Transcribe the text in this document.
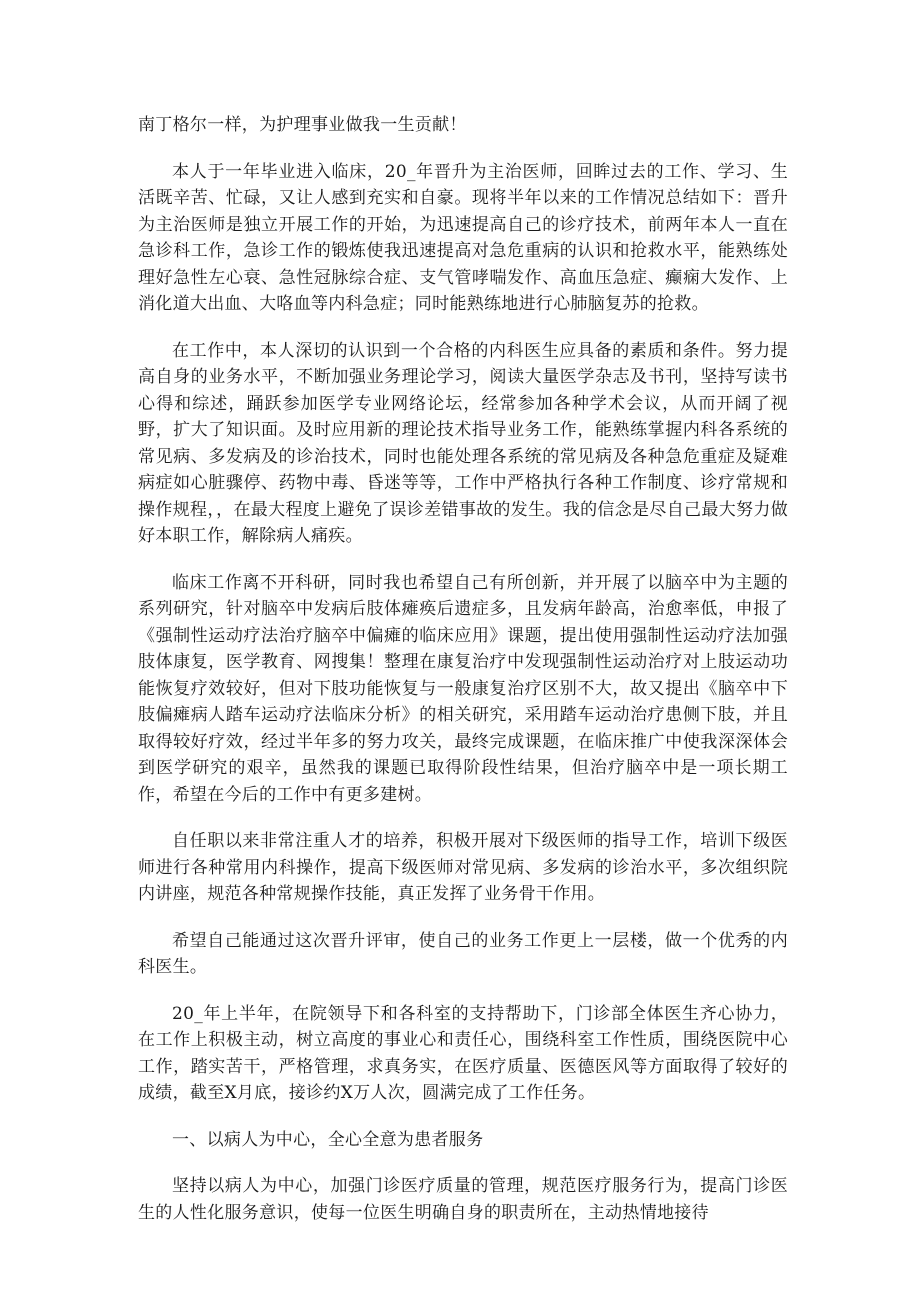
南丁格尔一样，为护理事业做我一生贡献！

本人于一年毕业进入临床，20_年晋升为主治医师，回眸过去的工作、学习、生活既辛苦、忙碌，又让人感到充实和自豪。现将半年以来的工作情况总结如下：晋升为主治医师是独立开展工作的开始，为迅速提高自己的诊疗技术，前两年本人一直在急诊科工作，急诊工作的锻炼使我迅速提高对急危重病的认识和抢救水平，能熟练处理好急性左心衰、急性冠脉综合症、支气管哮喘发作、高血压急症、癫痫大发作、上消化道大出血、大咯血等内科急症；同时能熟练地进行心肺脑复苏的抢救。

在工作中，本人深切的认识到一个合格的内科医生应具备的素质和条件。努力提高自身的业务水平，不断加强业务理论学习，阅读大量医学杂志及书刊，坚持写读书心得和综述，踊跃参加医学专业网络论坛，经常参加各种学术会议，从而开阔了视野，扩大了知识面。及时应用新的理论技术指导业务工作，能熟练掌握内科各系统的常见病、多发病及的诊治技术，同时也能处理各系统的常见病及各种急危重症及疑难病症如心脏骤停、药物中毒、昏迷等等，工作中严格执行各种工作制度、诊疗常规和操作规程，，在最大程度上避免了误诊差错事故的发生。我的信念是尽自己最大努力做好本职工作，解除病人痛疾。

临床工作离不开科研，同时我也希望自己有所创新，并开展了以脑卒中为主题的系列研究，针对脑卒中发病后肢体瘫痪后遗症多，且发病年龄高，治愈率低，申报了《强制性运动疗法治疗脑卒中偏瘫的临床应用》课题，提出使用强制性运动疗法加强肢体康复，医学教育、网搜集！整理在康复治疗中发现强制性运动治疗对上肢运动功能恢复疗效较好，但对下肢功能恢复与一般康复治疗区别不大，故又提出《脑卒中下肢偏瘫病人踏车运动疗法临床分析》的相关研究，采用踏车运动治疗患侧下肢，并且取得较好疗效，经过半年多的努力攻关，最终完成课题，在临床推广中使我深深体会到医学研究的艰辛，虽然我的课题已取得阶段性结果，但治疗脑卒中是一项长期工作，希望在今后的工作中有更多建树。

自任职以来非常注重人才的培养，积极开展对下级医师的指导工作，培训下级医师进行各种常用内科操作，提高下级医师对常见病、多发病的诊治水平，多次组织院内讲座，规范各种常规操作技能，真正发挥了业务骨干作用。

希望自己能通过这次晋升评审，使自己的业务工作更上一层楼，做一个优秀的内科医生。

20_年上半年，在院领导下和各科室的支持帮助下，门诊部全体医生齐心协力，在工作上积极主动，树立高度的事业心和责任心，围绕科室工作性质，围绕医院中心工作，踏实苦干，严格管理，求真务实，在医疗质量、医德医风等方面取得了较好的成绩，截至X月底，接诊约X万人次，圆满完成了工作任务。

一、以病人为中心，全心全意为患者服务

坚持以病人为中心，加强门诊医疗质量的管理，规范医疗服务行为，提高门诊医生的人性化服务意识，使每一位医生明确自身的职责所在，主动热情地接待
